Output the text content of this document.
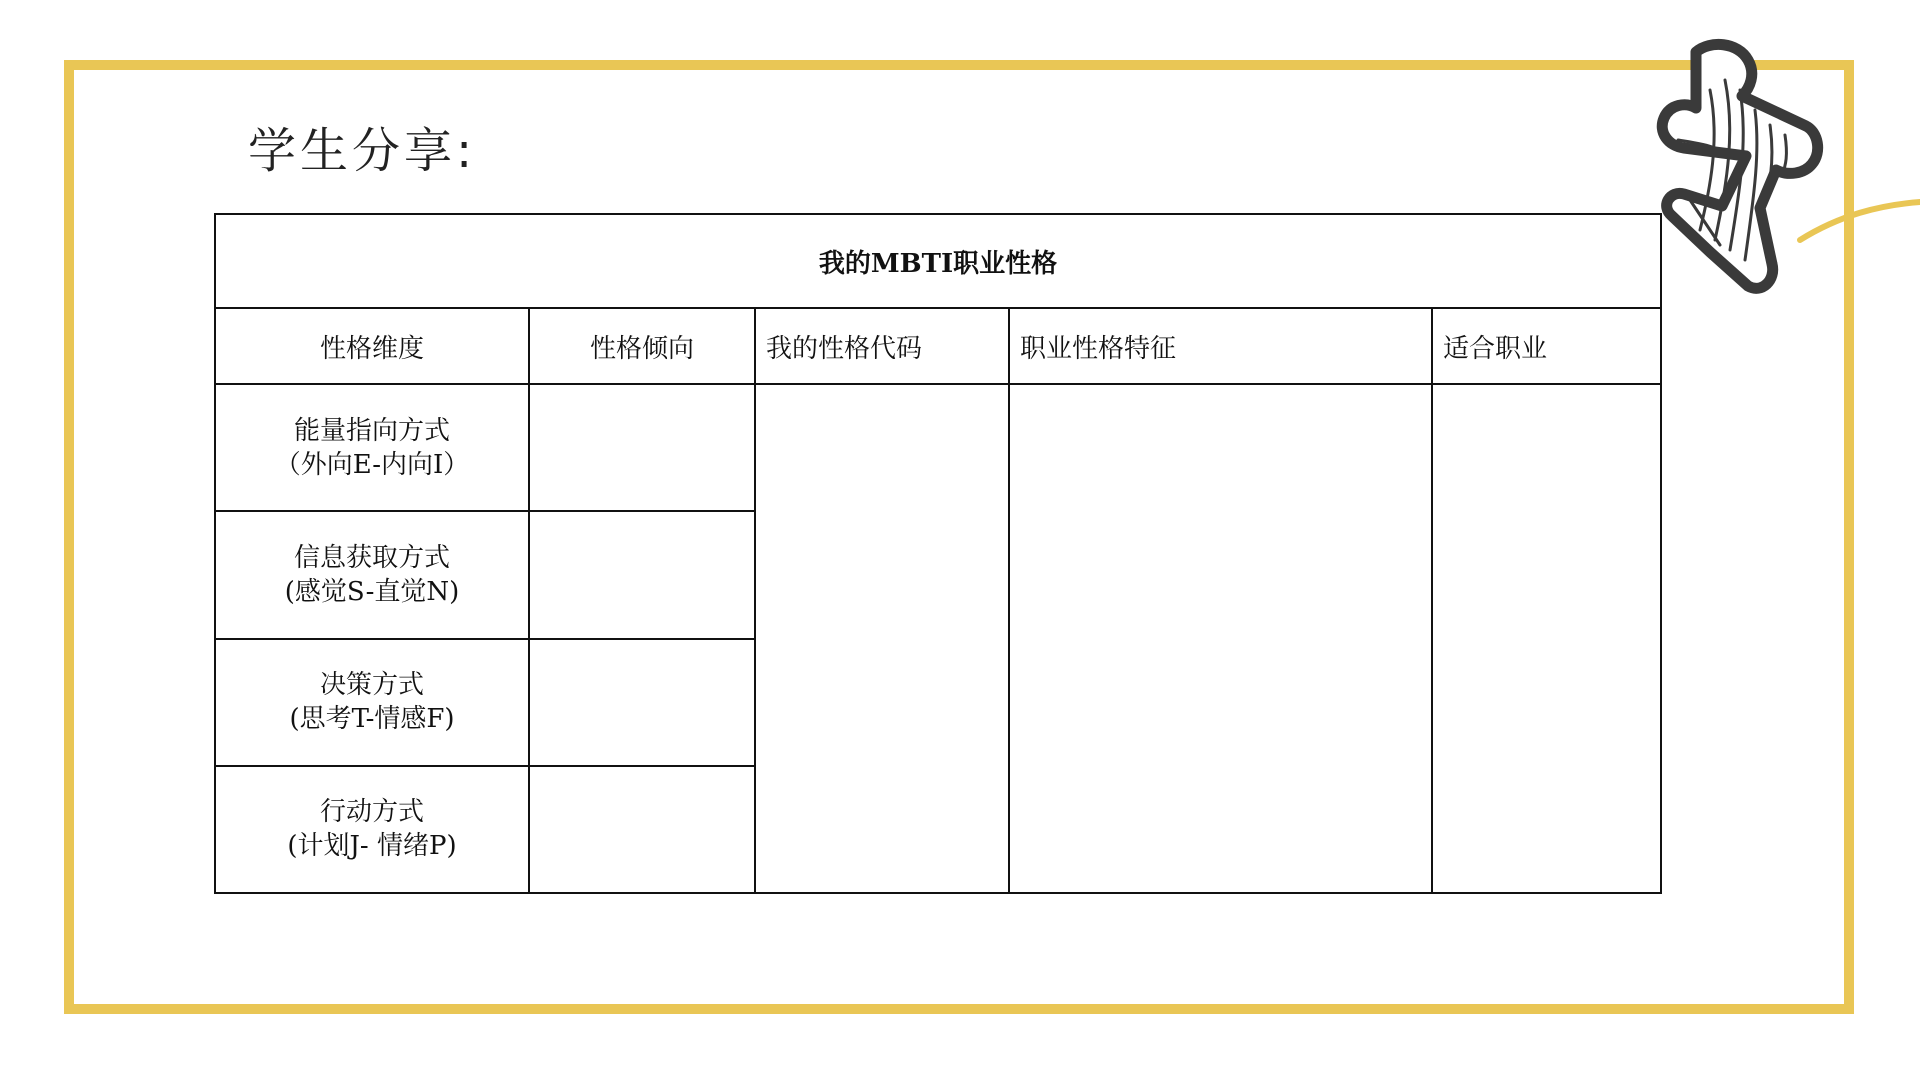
学生分享:
我的MBTI职业性格				
性格维度	性格倾向	我的性格代码	职业性格特征	适合职业

能量指向方式
（外向E-内向I）				

信息获取方式
(感觉S-直觉N)				

决策方式
(思考T-情感F)				

行动方式
(计划J- 情绪P)				
